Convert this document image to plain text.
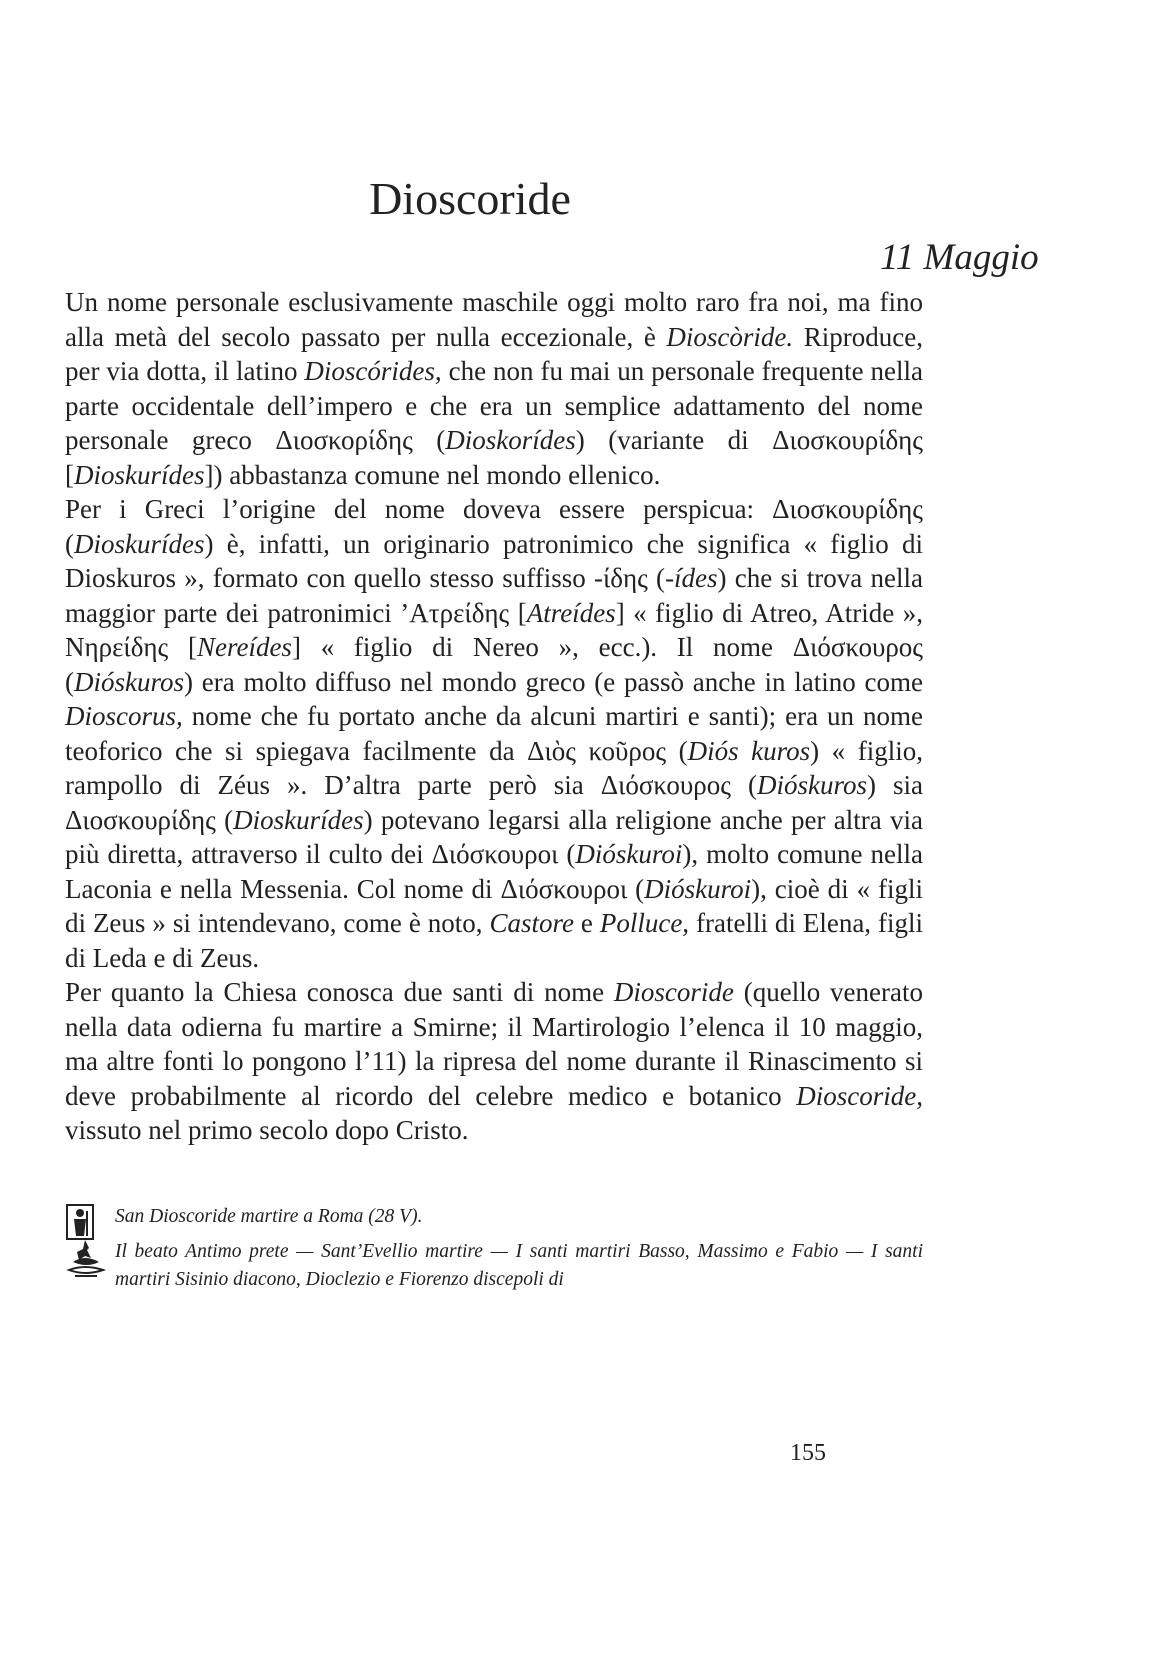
Dioscoride
11 Maggio

Un nome personale esclusivamente maschile oggi molto raro fra noi, ma fino alla metà del secolo passato per nulla eccezionale, è Dioscòride. Riproduce, per via dotta, il latino Dioscórides, che non fu mai un personale frequente nella parte occidentale dell’impero e che era un semplice adattamento del nome personale greco Διοσκορίδης (Dioskorídes) (variante di Διοσκουρίδης [Dioskurídes]) abbastanza comune nel mondo ellenico.

Per i Greci l’origine del nome doveva essere perspicua: Διοσκουρίδης (Dioskurídes) è, infatti, un originario patronimico che significa « figlio di Dioskuros », formato con quello stesso suffisso -ίδης (-ídes) che si trova nella maggior parte dei patronimici ’Ατρείδης [Atreídes] « figlio di Atreo, Atride », Νηρείδης [Nereídes] « figlio di Nereo », ecc.). Il nome Διόσκουρος (Dióskuros) era molto diffuso nel mondo greco (e passò anche in latino come Dioscorus, nome che fu portato anche da alcuni martiri e santi); era un nome teoforico che si spiegava facilmente da Διὸς κοῦρος (Diós kuros) « figlio, rampollo di Zéus ». D’altra parte però sia Διόσκουρος (Dióskuros) sia Διοσκουρίδης (Dioskurídes) potevano legarsi alla religione anche per altra via più diretta, attraverso il culto dei Διόσκουροι (Dióskuroi), molto comune nella Laconia e nella Messenia. Col nome di Διόσκουροι (Dióskuroi), cioè di « figli di Zeus » si intendevano, come è noto, Castore e Polluce, fratelli di Elena, figli di Leda e di Zeus.

Per quanto la Chiesa conosca due santi di nome Dioscoride (quello venerato nella data odierna fu martire a Smirne; il Martirologio l’elenca il 10 maggio, ma altre fonti lo pongono l’11) la ripresa del nome durante il Rinascimento si deve probabilmente al ricordo del celebre medico e botanico Dioscoride, vissuto nel primo secolo dopo Cristo.

San Dioscoride martire a Roma (28 V).
Il beato Antimo prete — Sant’Evellio martire — I santi martiri Basso, Massimo e Fabio — I santi martiri Sisinio diacono, Dioclezio e Fiorenzo discepoli di
155
